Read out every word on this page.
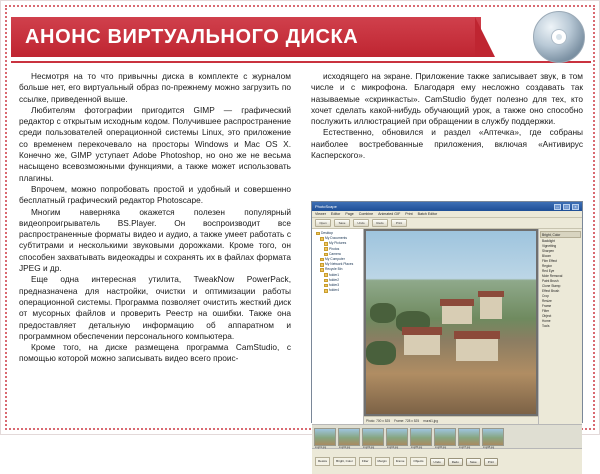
АНОНС ВИРТУАЛЬНОГО ДИСКА

Несмотря на то что привычны диска в комплекте с журналом больше нет, его виртуальный образ по-прежнему можно загрузить по ссылке, приведенной выше.

Любителям фотографии пригодится GIMP — графический редактор с открытым исходным кодом. Получившее распространение среди пользователей операционной системы Linux, это приложение со временем перекочевало на просторы Windows и Mac OS X. Конечно же, GIMP уступает Adobe Photoshop, но оно же не весьма насыщено всевозможными функциями, а также может использовать плагины.

Впрочем, можно попробовать простой и удобный и совершенно бесплатный графический редактор Photoscape.

Многим наверняка окажется полезен популярный видеопроигрыватель BS.Player. Он воспроизводит все распространенные форматы видео и аудио, а также умеет работать с субтитрами и несколькими звуковыми дорожками. Кроме того, он способен захватывать видеокадры и сохранять их в файлах формата JPEG и др.

Еще одна интересная утилита, TweakNow PowerPack, предназначена для настройки, очистки и оптимизации работы операционной системы. Программа позволяет очистить жесткий диск от мусорных файлов и проверить Реестр на ошибки. Также она предоставляет детальную информацию об аппаратном и программном обеспечении персонального компьютера.

Кроме того, на диске размещена программа CamStudio, с помощью которой можно записывать видео всего проис-

исходящего на экране. Приложение также записывает звук, в том числе и с микрофона. Благодаря ему несложно создавать так называемые «скринкасты». CamStudio будет полезно для тех, кто хочет сделать какой-нибудь обучающий урок, а также оно способно послужить иллюстрацией при обращении в службу поддержки.

Естественно, обновился и раздел «Аптечка», где собраны наиболее востребованные приложения, включая «Антивирус Касперского».

PhotoScape	—	□	✕
Viewer Editor Page Combine Animated GIF Print Batch Editor
Open	Save	Undo	Redo	Print
Desktop
My Documents
My Pictures
Photos
Camera
My Computer
My Network Places
Recycle Bin
folder1
folder2
folder3
folder4
Photo: 700 x 525 Frame: 728 x 525 mural1.jpg
Bright, Color
Backlight
Vignetting
Sharpen
Bloom
Film Effect
Region
Red Eye
Mole Removal
Paint Brush
Clone Stamp
Effect Brush
Crop
Resize
Frame
Filter
Object
Home
Tools
img01.jpg	img02.jpg	img03.jpg	img04.jpg	img05.jpg	img06.jpg	img07.jpg	img08.jpg
Resize	Bright, Color	Filter	Margin	Frame	Objects	Undo	Redo	Save	Print
